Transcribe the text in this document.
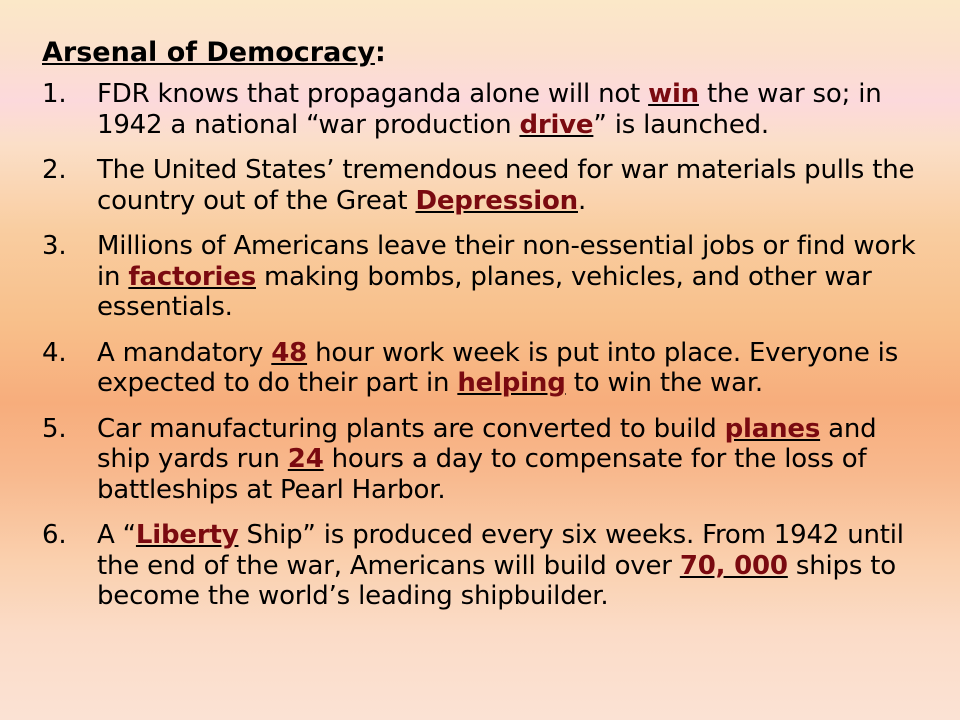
Arsenal of Democracy:
1. FDR knows that propaganda alone will not win the war so; in 1942 a national “war production drive” is launched.
2. The United States’ tremendous need for war materials pulls the country out of the Great Depression.
3. Millions of Americans leave their non-essential jobs or find work in factories making bombs, planes, vehicles, and other war essentials.
4. A mandatory 48 hour work week is put into place. Everyone is expected to do their part in helping to win the war.
5. Car manufacturing plants are converted to build planes and ship yards run 24 hours a day to compensate for the loss of battleships at Pearl Harbor.
6. A “Liberty Ship” is produced every six weeks. From 1942 until the end of the war, Americans will build over 70, 000 ships to become the world’s leading shipbuilder.
